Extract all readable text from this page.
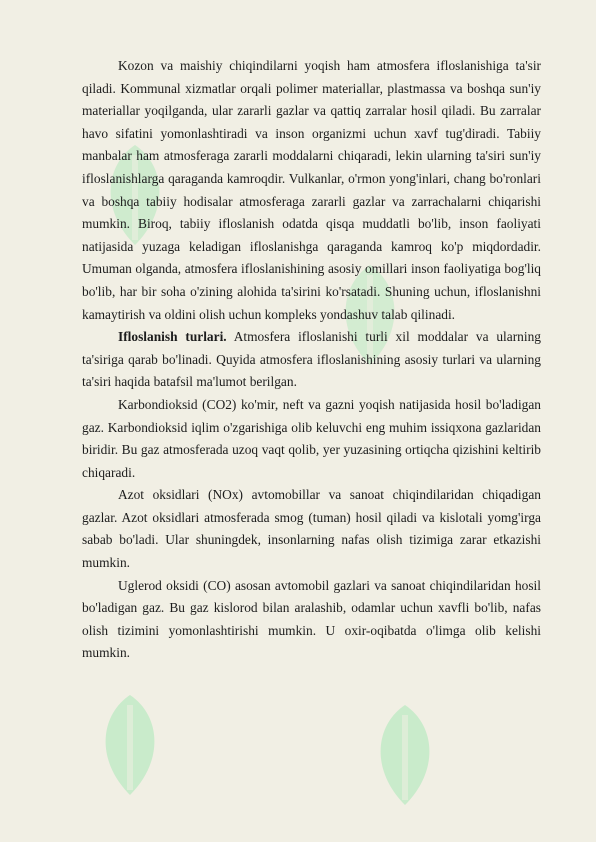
Kozon va maishiy chiqindilarni yoqish ham atmosfera ifloslanishiga ta'sir qiladi. Kommunal xizmatlar orqali polimer materiallar, plastmassa va boshqa sun'iy materiallar yoqilganda, ular zararli gazlar va qattiq zarralar hosil qiladi. Bu zarralar havo sifatini yomonlashtiradi va inson organizmi uchun xavf tug'diradi. Tabiiy manbalar ham atmosferaga zararli moddalarni chiqaradi, lekin ularning ta'siri sun'iy ifloslanishlarga qaraganda kamroqdir. Vulkanlar, o'rmon yong'inlari, chang bo'ronlari va boshqa tabiiy hodisalar atmosferaga zararli gazlar va zarrachalarni chiqarishi mumkin. Biroq, tabiiy ifloslanish odatda qisqa muddatli bo'lib, inson faoliyati natijasida yuzaga keladigan ifloslanishga qaraganda kamroq ko'p miqdordadir. Umuman olganda, atmosfera ifloslanishining asosiy omillari inson faoliyatiga bog'liq bo'lib, har bir soha o'zining alohida ta'sirini ko'rsatadi. Shuning uchun, ifloslanishni kamaytirish va oldini olish uchun kompleks yondashuv talab qilinadi.

Ifloslanish turlari. Atmosfera ifloslanishi turli xil moddalar va ularning ta'siriga qarab bo'linadi. Quyida atmosfera ifloslanishining asosiy turlari va ularning ta'siri haqida batafsil ma'lumot berilgan.

Karbondioksid (CO2) ko'mir, neft va gazni yoqish natijasida hosil bo'ladigan gaz. Karbondioksid iqlim o'zgarishiga olib keluvchi eng muhim issiqxona gazlaridan biridir. Bu gaz atmosferada uzoq vaqt qolib, yer yuzasining ortiqcha qizishini keltirib chiqaradi.

Azot oksidlari (NOx) avtomobillar va sanoat chiqindilaridan chiqadigan gazlar. Azot oksidlari atmosferada smog (tuman) hosil qiladi va kislotali yomg'irga sabab bo'ladi. Ular shuningdek, insonlarning nafas olish tizimiga zarar etkazishi mumkin.

Uglerod oksidi (CO) asosan avtomobil gazlari va sanoat chiqindilaridan hosil bo'ladigan gaz. Bu gaz kislorod bilan aralashib, odamlar uchun xavfli bo'lib, nafas olish tizimini yomonlashtirishi mumkin. U oxir-oqibatda o'limga olib kelishi mumkin.
